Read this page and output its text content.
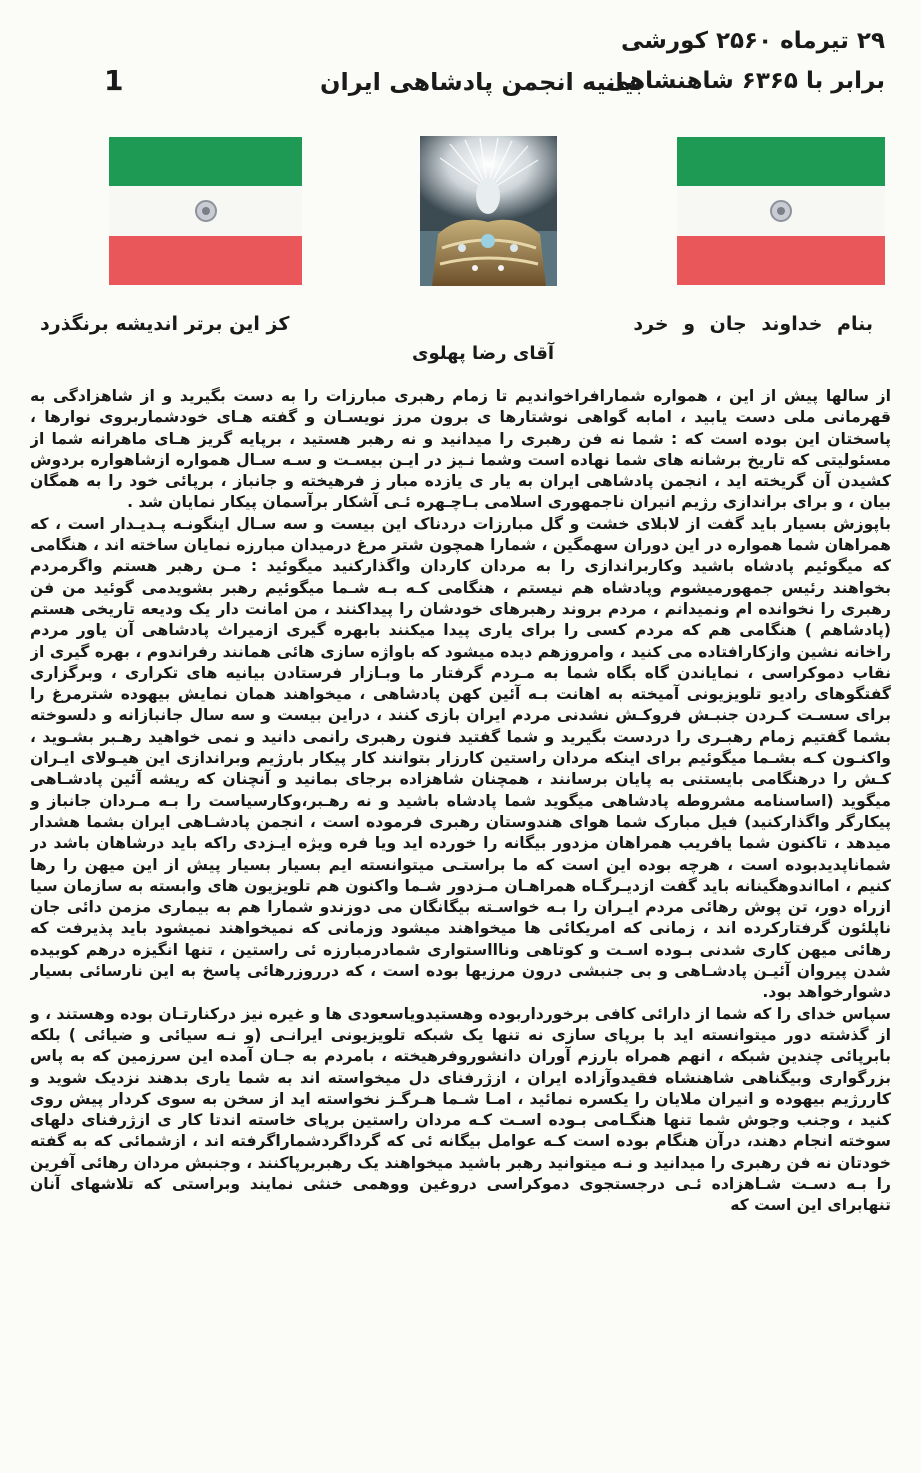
۲۹ تیرماه ۲۵۶۰ کورشی
برابر با ۶۳۶۵ شاهنشاهی
بیانیه انجمن پادشاهی ایران
1
بنام خداوند جان و خرد
کز این برتر اندیشه برنگذرد
آقای رضا پهلوی

از سالها پیش از این ، همواره شمارافراخواندیم تا زمام رهبری مبارزات را به دست بگیرید و از شاهزادگی به قهرمانی ملی دست یابید ، امابه گواهی نوشتارها ی برون مرز نویسـان و گفته هـای خودشماربروی نوارها ، پاسختان این بوده است که : شما نه فن رهبری را میدانید و نه رهبر هستید ، برپایه گریز هـای ماهرانه شما از مسئولیتی که تاریخ برشانه های شما نهاده است وشما نـیز در ایـن بیسـت و سـه سـال همواره ازشاهواره بردوش کشیدن آن گریخته اید ، انجمن پادشاهی ایران به یار ی یازده مبار ز فرهیخته و جانباز ، برپائی خود را به همگان بیان ، و برای براندازی رژیم انیران ناجمهوری اسلامی بـاچـهره ئـی آشکار برآسمان پیکار نمایان شد .

باپوزش بسیار باید گفت از لابلای خشت و گل مبارزات دردناک این بیست و سه سـال اینگونـه پـدیـدار است ، که همراهان شما همواره در این دوران سهمگین ، شمارا همچون شتر مرغ درمیدان مبارزه نمایان ساخته اند ، هنگامی که میگوئیم پادشاه باشید وکاربراندازی را به مردان کاردان واگذارکنید میگوئید : مـن رهبر هستم واگرمردم بخواهند رئیس جمهورمیشوم وپادشاه هم نیستم ، هنگامی کـه بـه شـما میگوئیم رهبر بشویدمی گوئید من فن رهبری را نخوانده ام ونمیدانم ، مردم بروند رهبرهای خودشان را پیداکنند ، من امانت دار یک ودیعه تاریخی هستم (پادشاهم ) هنگامی هم که مردم کسی را برای یاری پیدا میکنند بابهره گیری ازمیراث پادشاهی آن یاور مردم راخانه نشین وازکارافتاده می کنید ، وامروزهم دیده میشود که باواژه سازی هائی همانند رفراندوم ، بهره گیری از نقاب دموکراسی ، نمایاندن گاه بگاه شما به مـردم گرفتار ما وبـازار فرستادن بیانیه های تکراری ، وبرگزاری گفتگوهای رادیو تلویزیونی آمیخته به اهانت بـه آئین کهن پادشاهی ، میخواهند همان نمایش بیهوده شترمرغ را برای سسـت کـردن جنبـش فروکـش نشدنی مردم ایران بازی کنند ، دراین بیست و سه سال جانبازانه و دلسوخته بشما گفتیم زمام رهبـری را دردست بگیرید و شما گفتید فنون رهبری رانمی دانید و نمی خواهید رهـبر بشـوید ، واکنـون کـه بشـما میگوئیم برای اینکه مردان راستین کارزار بتوانند کار پیکار بارژیم وبراندازی این هیـولای ایـران کـش را درهنگامی بایستنی به پایان برسانند ، همچنان شاهزاده برجای بمانید و آنچنان که ریشه آئین پادشـاهی میگوید (اساسنامه مشروطه پادشاهی میگوید شما پادشاه باشید و نه رهـبر،وکارسیاست را بـه مـردان جانباز و پیکارگر واگذارکنید) فیل مبارک شما هوای هندوستان رهبری فرموده است ، انجمن پادشـاهی ایران بشما هشدار میدهد ، تاکنون شما یافریب همراهان مزدور بیگانه را خورده اید ویا فره ویژه ایـزدی راکه باید درشاهان باشد در شمانا‌پدیدبوده است ، هرچه بوده این است که ما براستـی میتوانسته ایم بسیار بسیار پیش از این میهن را رها کنیم ، امااندوهگینانه باید گفت ازدیـرگـاه همراهـان مـزدور شـما واکنون هم تلویزیون های وابسته به سازمان سیا ازراه دور، تن پوش رهائی مردم ایـران را بـه خواسـته بیگانگان می دوزندو شمارا هم به بیماری مزمن دائی جان ناپلئون گرفتارکرده اند ، زمانی که امریکائی ها میخواهند میشود وزمانی که نمیخواهند نمیشود باید پذیرفت که رهائی میهن کاری شدنی بـوده اسـت و کوتاهی وناااستواری شمادرمبارزه ئی راستین ، تنها انگیزه درهم کوبیده شدن پیروان آئیـن پادشـاهی و بی جنبشی درون مرزیها بوده است ، که درروزرهائی پاسخ به این نارسائی بسیار دشوارخواهد بود.

سپاس خدای را که شما از دارائی کافی برخورداربوده وهستیدویاسعودی ها و غیره نیز درکنارتـان بوده وهستند ، و از گذشته دور میتوانسته اید با برپای سازی نه تنها یک شبکه تلویزیونی ایرانـی (و نـه سیائی و ضیائی ) بلکه بابرپائی چندین شبکه ، انهم همراه بارزم آوران دانشوروفرهیخته ، بامردم به جـان آمده این سرزمین که به پاس بزرگواری وبیگناهی شاهنشاه فقیدوآزاده ایران ، ازژرفنای دل میخواسته اند به شما یاری بدهند نزدیک شوید و کاررژیم بیهوده و انیران ملایان را یکسره نمائید ، امـا شـما هـرگـز نخواسته اید از سخن به سوی کردار پیش روی کنید ، وجنب وجوش شما تنها هنگـامی بـوده اسـت کـه مردان راستین برپای خاسته اندتا کار ی ازژرفنای دلهای سوخته انجام دهند، درآن هنگام بوده است کـه عوامل بیگانه ئی که گرداگردشماراگرفته اند ، ازشمائی که به گفته خودتان نه فن رهبری را میدانید و نـه میتوانید رهبر باشید میخواهند یک رهبربرپاکنند ، وجنبش مردان رهائی آفرین را بـه دسـت شـاهزاده ئـی درجستجوی دموکراسی دروغین ووهمی خنثی نمایند وبراستی که تلاشهای آنان تنهابرای این است که
